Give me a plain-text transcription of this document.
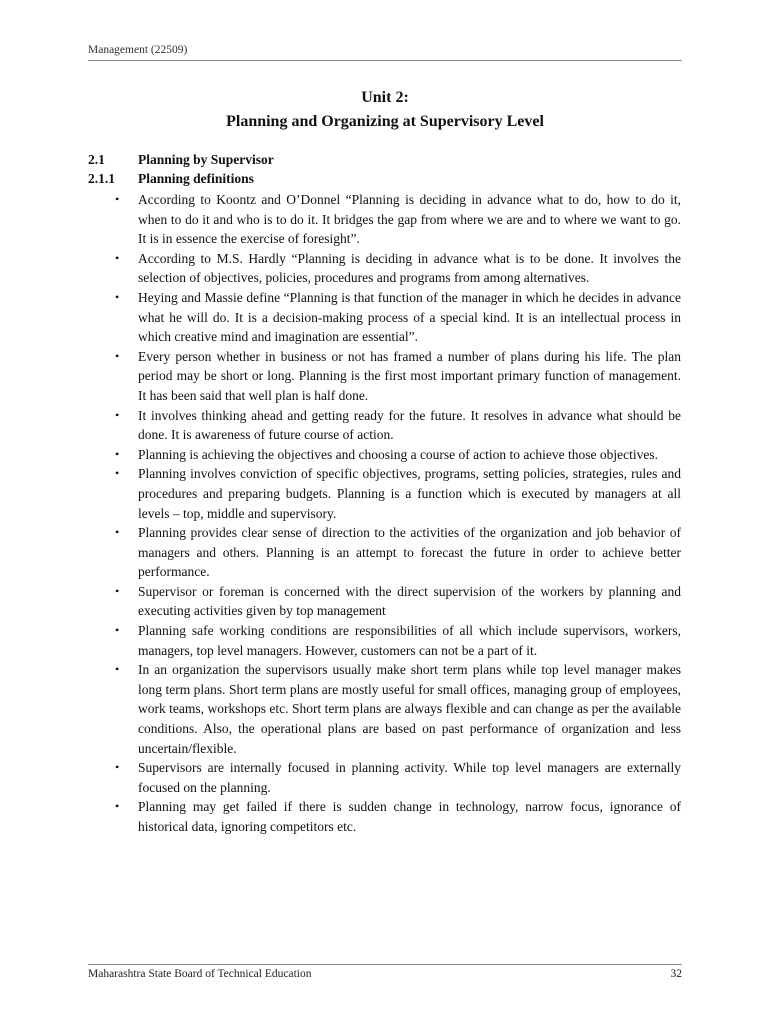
Management (22509)
Unit 2:
Planning and Organizing at Supervisory Level
2.1 Planning by Supervisor
2.1.1 Planning definitions
• According to Koontz and O’Donnel “Planning is deciding in advance what to do, how to do it, when to do it and who is to do it. It bridges the gap from where we are and to where we want to go. It is in essence the exercise of foresight”.
• According to M.S. Hardly “Planning is deciding in advance what is to be done. It involves the selection of objectives, policies, procedures and programs from among alternatives.
• Heying and Massie define “Planning is that function of the manager in which he decides in advance what he will do. It is a decision-making process of a special kind. It is an intellectual process in which creative mind and imagination are essential”.
• Every person whether in business or not has framed a number of plans during his life. The plan period may be short or long. Planning is the first most important primary function of management. It has been said that well plan is half done.
• It involves thinking ahead and getting ready for the future. It resolves in advance what should be done. It is awareness of future course of action.
• Planning is achieving the objectives and choosing a course of action to achieve those objectives.
• Planning involves conviction of specific objectives, programs, setting policies, strategies, rules and procedures and preparing budgets. Planning is a function which is executed by managers at all levels – top, middle and supervisory.
• Planning provides clear sense of direction to the activities of the organization and job behavior of managers and others. Planning is an attempt to forecast the future in order to achieve better performance.
• Supervisor or foreman is concerned with the direct supervision of the workers by planning and executing activities given by top management
• Planning safe working conditions are responsibilities of all which include supervisors, workers, managers, top level managers. However, customers can not be a part of it.
• In an organization the supervisors usually make short term plans while top level manager makes long term plans. Short term plans are mostly useful for small offices, managing group of employees, work teams, workshops etc. Short term plans are always flexible and can change as per the available conditions. Also, the operational plans are based on past performance of organization and less uncertain/flexible.
• Supervisors are internally focused in planning activity. While top level managers are externally focused on the planning.
• Planning may get failed if there is sudden change in technology, narrow focus, ignorance of historical data, ignoring competitors etc.
Maharashtra State Board of Technical Education	32
